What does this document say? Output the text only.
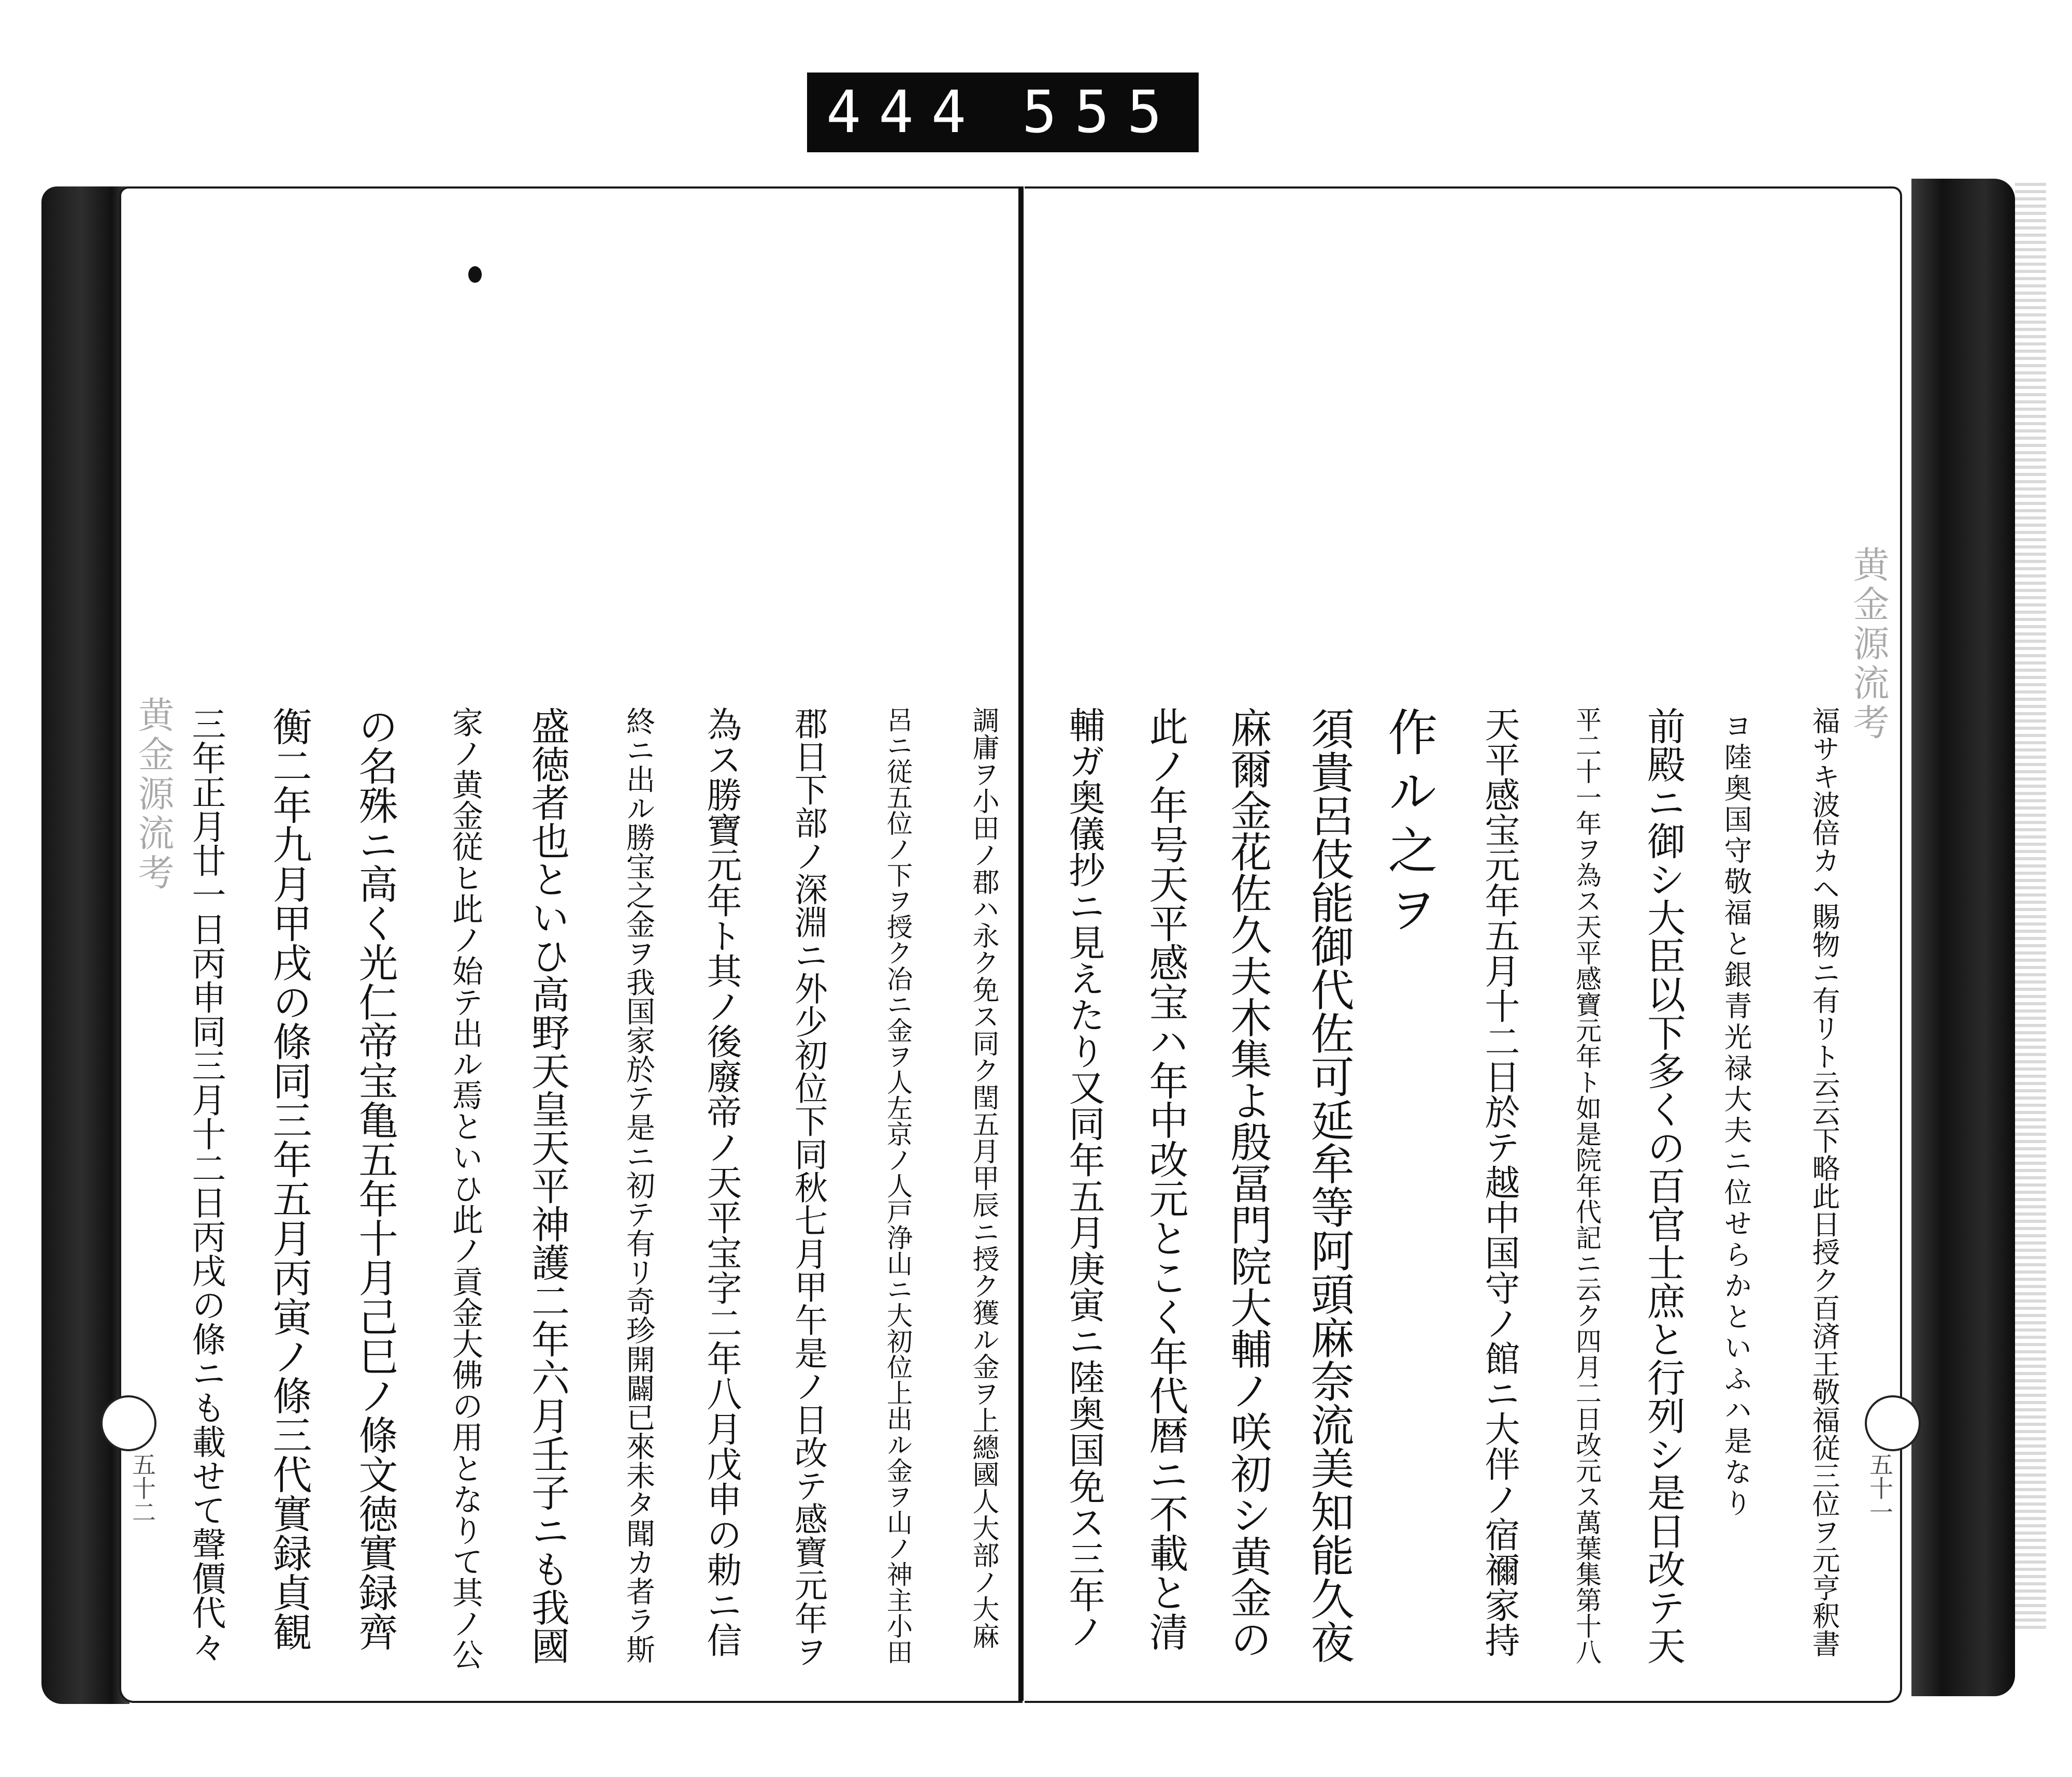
444 555
黄金源流考
五十二	調庸ヲ小田ノ郡ハ永ク免ス同ク閏五月甲辰ニ授ク獲ル金ヲ上總國人大部ノ大麻
呂ニ従五位ノ下ヲ授ク冶ニ金ヲ人左京ノ人戸浄山ニ大初位上出ル金ヲ山ノ神主小田
郡日下部ノ深淵ニ外少初位下同秋七月甲午是ノ日改テ感寶元年ヲ
為ス勝寶元年ト其ノ後廢帝ノ天平宝字二年八月戊申の勅ニ信
終ニ出ル勝宝之金ヲ我国家於テ是ニ初テ有リ奇珍開闢已來未タ聞カ者ラ斯
盛徳者也といひ高野天皇天平神護二年六月壬子ニも我國
家ノ黄金従ヒ此ノ始テ出ル焉といひ此ノ貢金大佛の用となりて其ノ公
の名殊ニ高く光仁帝宝亀五年十月己巳ノ條文徳實録齊
衡二年九月甲戌の條同三年五月丙寅ノ條三代實録貞観
三年正月廿一日丙申同三月十二日丙戌の條ニも載せて聲價代々
黄金源流考
五十一
福サキ波倍カヘ賜物ニ有リト云云下略此日授ク百済王敬福従三位ヲ元亨釈書
ヨ陸奥国守敬福と銀青光禄大夫ニ位せらかといふハ是なり
前殿ニ御シ大臣以下多くの百官士庶と行列シ是日改テ天
平二十一年ヲ為ス天平感寶元年ト如是院年代記ニ云ク四月二日改元ス萬葉集第十八
天平感宝元年五月十二日於テ越中国守ノ館ニ大伴ノ宿禰家持
作ル之ヲ
須貴呂伎能御代佐可延牟等阿頭麻奈流美知能久夜
麻爾金花佐久夫木集よ殷冨門院大輔ノ咲初シ黄金の
此ノ年号天平感宝ハ年中改元とこく年代暦ニ不載と清
輔ガ奥儀抄ニ見えたり又同年五月庚寅ニ陸奥国免ス三年ノ
